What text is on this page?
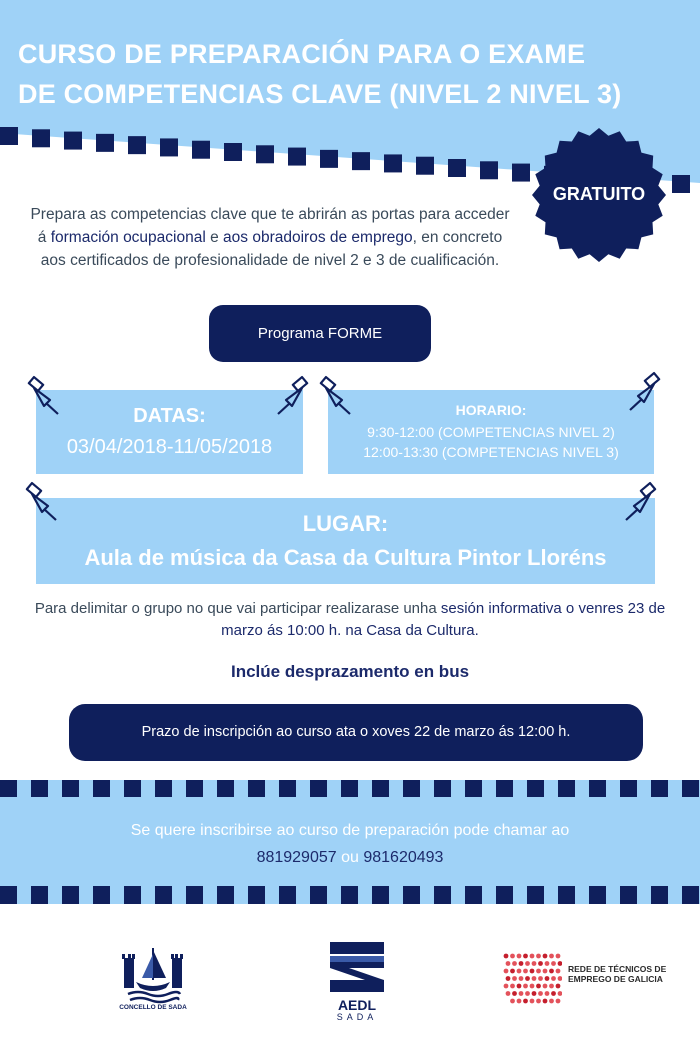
CURSO DE PREPARACIÓN PARA O EXAME
DE COMPETENCIAS CLAVE (NIVEL 2 NIVEL 3)
GRATUITO
Prepara as competencias clave que te abrirán as portas para acceder á formación ocupacional e aos obradoiros de emprego, en concreto aos certificados de profesionalidade de nivel 2 e 3 de cualificación.
Programa FORME
DATAS:
03/04/2018-11/05/2018
HORARIO:
9:30-12:00 (COMPETENCIAS NIVEL 2)
12:00-13:30 (COMPETENCIAS NIVEL 3)
LUGAR:
Aula de música da Casa da Cultura Pintor Lloréns
Para delimitar o grupo no que vai participar realizarase unha sesión informativa o venres 23 de marzo ás 10:00 h. na Casa da Cultura.
Inclúe desprazamento en bus
Prazo de inscripción ao curso ata o xoves 22 de marzo ás 12:00 h.
Se quere inscribirse ao curso de preparación pode chamar ao
881929057 ou 981620493
CONCELLO DE SADA	AEDL
SADA
REDE DE TÉCNICOS DE EMPREGO DE GALICIA
